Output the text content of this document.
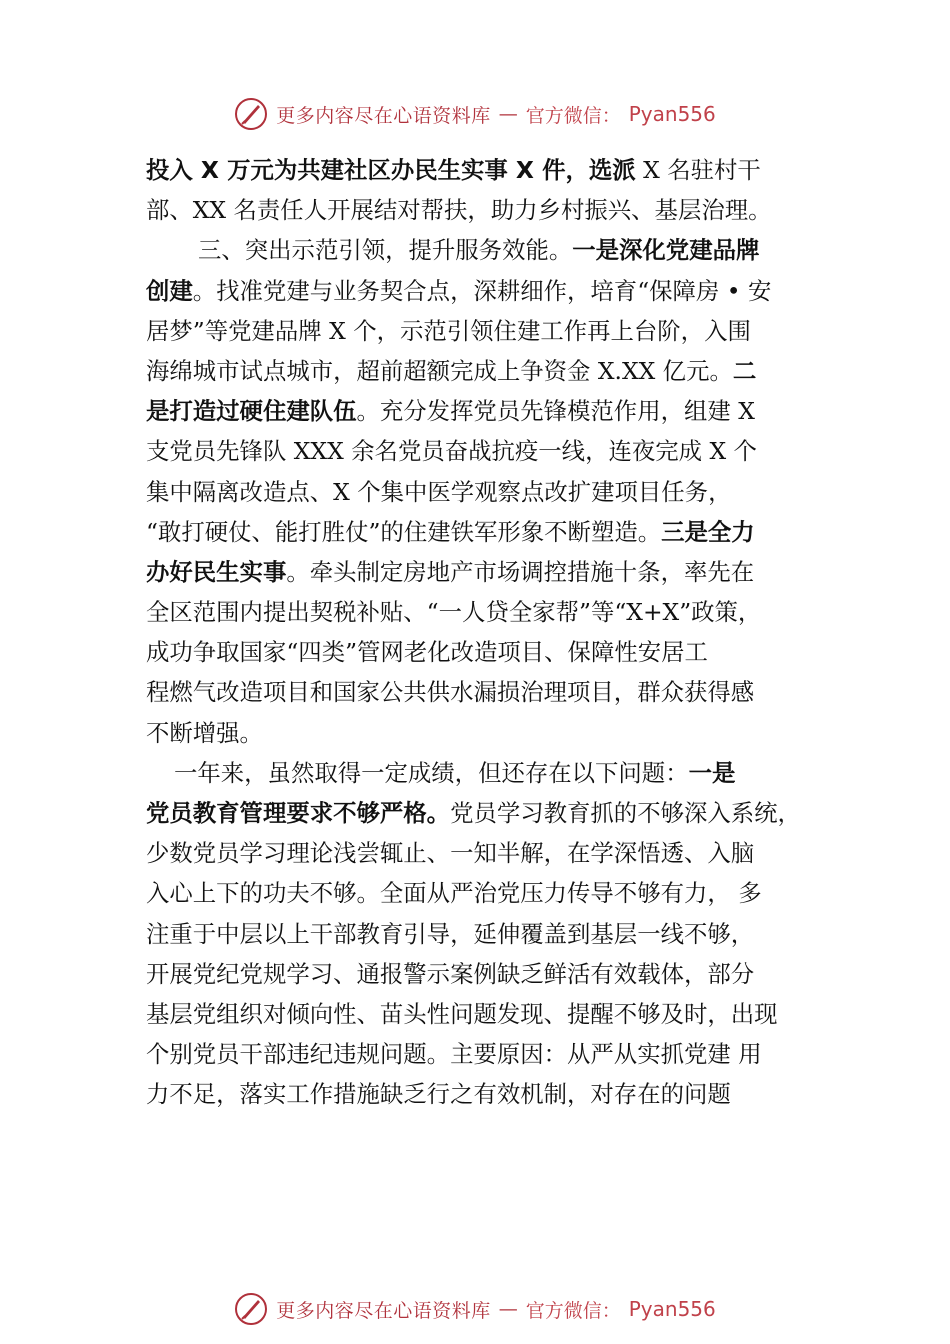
更多内容尽在心语资料库 — 官方微信： Pyan556
投入 X 万元为共建社区办民生实事 X 件，选派 X 名驻村干
部、XX 名责任人开展结对帮扶，助力乡村振兴、基层治理。
三、突出示范引领，提升服务效能。一是深化党建品牌
创建。找准党建与业务契合点，深耕细作，培育“保障房 • 安
居梦”等党建品牌 X 个，示范引领住建工作再上台阶，入围
海绵城市试点城市，超前超额完成上争资金 X.XX 亿元。二
是打造过硬住建队伍。充分发挥党员先锋模范作用，组建 X
支党员先锋队 XXX 余名党员奋战抗疫一线，连夜完成 X 个
集中隔离改造点、X 个集中医学观察点改扩建项目任务，
“敢打硬仗、能打胜仗”的住建铁军形象不断塑造。三是全力
办好民生实事。牵头制定房地产市场调控措施十条，率先在
全区范围内提出契税补贴、“一人贷全家帮”等“X+X”政策，
成功争取国家“四类”管网老化改造项目、保障性安居工
程燃气改造项目和国家公共供水漏损治理项目，群众获得感
不断增强。
一年来，虽然取得一定成绩，但还存在以下问题：一是
党员教育管理要求不够严格。党员学习教育抓的不够深入系统，
少数党员学习理论浅尝辄止、一知半解，在学深悟透、入脑
入心上下的功夫不够。全面从严治党压力传导不够有力， 多
注重于中层以上干部教育引导，延伸覆盖到基层一线不够，
开展党纪党规学习、通报警示案例缺乏鲜活有效载体，部分
基层党组织对倾向性、苗头性问题发现、提醒不够及时，出现
个别党员干部违纪违规问题。主要原因：从严从实抓党建 用
力不足，落实工作措施缺乏行之有效机制，对存在的问题
更多内容尽在心语资料库 — 官方微信： Pyan556
